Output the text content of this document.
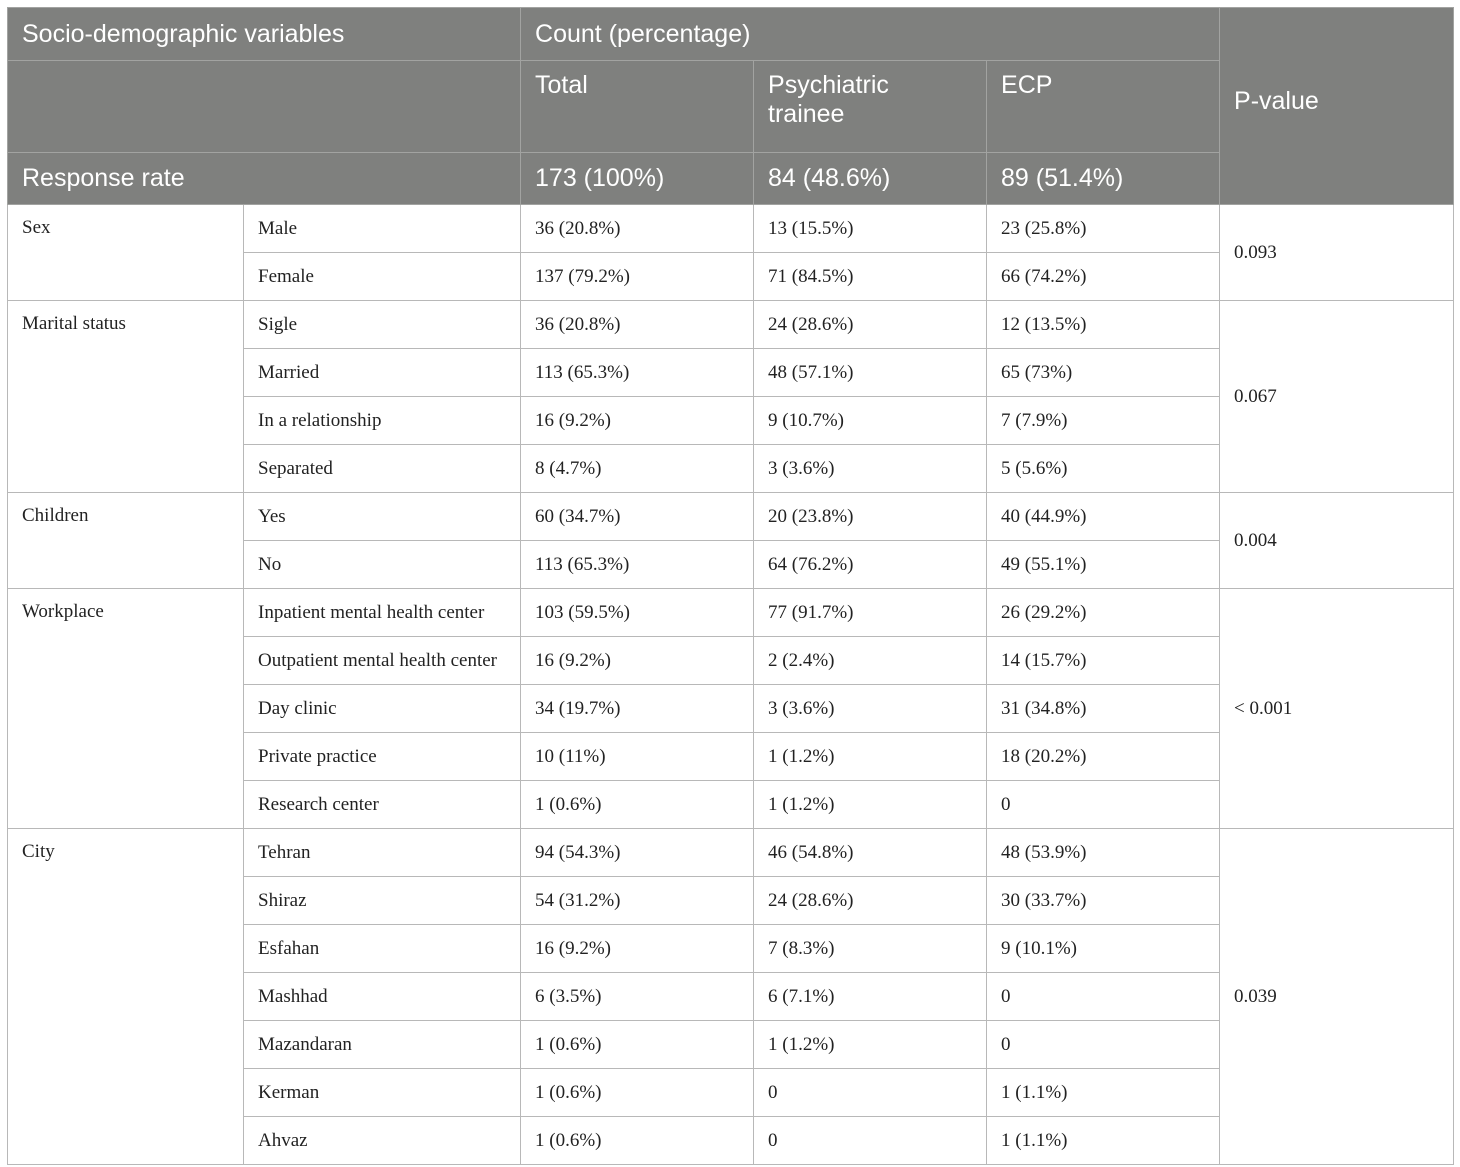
Socio-demographic variables		Count (percentage)			P-value
		Total	Psychiatric trainee	ECP	
Response rate		173 (100%)	84 (48.6%)	89 (51.4%)	
Sex	Male	36 (20.8%)	13 (15.5%)	23 (25.8%)	0.093
	Female	137 (79.2%)	71 (84.5%)	66 (74.2%)	
Marital status	Sigle	36 (20.8%)	24 (28.6%)	12 (13.5%)	0.067
	Married	113 (65.3%)	48 (57.1%)	65 (73%)	
	In a relationship	16 (9.2%)	9 (10.7%)	7 (7.9%)	
	Separated	8 (4.7%)	3 (3.6%)	5 (5.6%)	
Children	Yes	60 (34.7%)	20 (23.8%)	40 (44.9%)	0.004
	No	113 (65.3%)	64 (76.2%)	49 (55.1%)	
Workplace	Inpatient mental health center	103 (59.5%)	77 (91.7%)	26 (29.2%)	< 0.001
	Outpatient mental health center	16 (9.2%)	2 (2.4%)	14 (15.7%)	
	Day clinic	34 (19.7%)	3 (3.6%)	31 (34.8%)	
	Private practice	10 (11%)	1 (1.2%)	18 (20.2%)	
	Research center	1 (0.6%)	1 (1.2%)	0	
City	Tehran	94 (54.3%)	46 (54.8%)	48 (53.9%)	0.039
	Shiraz	54 (31.2%)	24 (28.6%)	30 (33.7%)	
	Esfahan	16 (9.2%)	7 (8.3%)	9 (10.1%)	
	Mashhad	6 (3.5%)	6 (7.1%)	0	
	Mazandaran	1 (0.6%)	1 (1.2%)	0	
	Kerman	1 (0.6%)	0	1 (1.1%)	
	Ahvaz	1 (0.6%)	0	1 (1.1%)	
